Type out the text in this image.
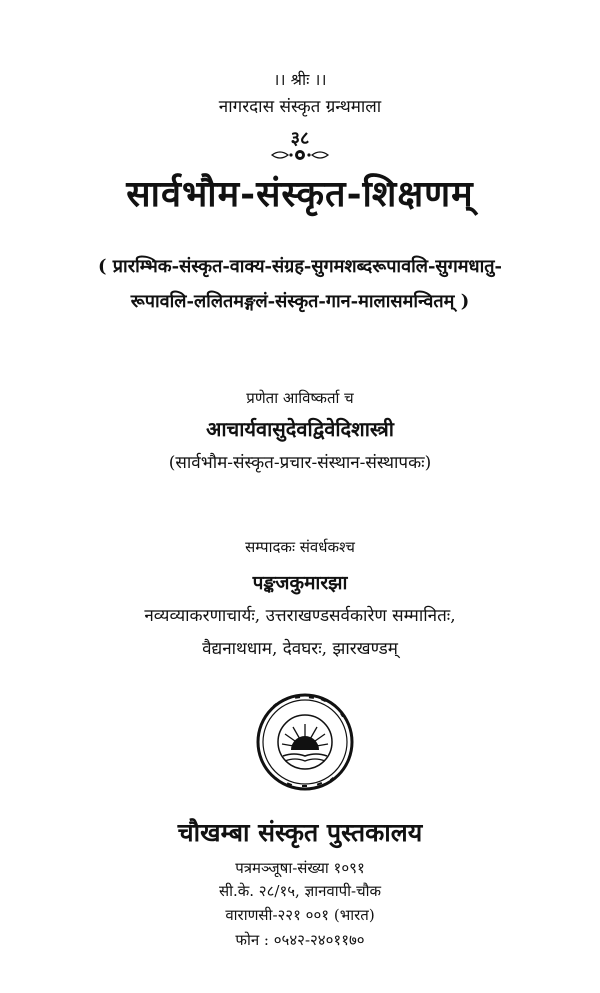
।। श्रीः ।।
नागरदास संस्कृत ग्रन्थमाला
३८
सार्वभौम-संस्कृत-शिक्षणम्
( प्रारम्भिक-संस्कृत-वाक्य-संग्रह-सुगमशब्दरूपावलि-सुगमधातु-
रूपावलि-ललितमङ्गलं-संस्कृत-गान-मालासमन्वितम् )
प्रणेता आविष्कर्ता च
आचार्यवासुदेवद्विवेदिशास्त्री
(सार्वभौम-संस्कृत-प्रचार-संस्थान-संस्थापकः)
सम्पादकः संवर्धकश्च
पङ्कजकुमारझा
नव्यव्याकरणाचार्यः, उत्तराखण्डसर्वकारेण सम्मानितः,
वैद्यनाथधाम, देवघरः, झारखण्डम्
चौखम्बा संस्कृत पुस्तकालय
पत्रमञ्जूषा-संख्या १०९१
सी.के. २८/१५, ज्ञानवापी-चौक
वाराणसी-२२१ ००१ (भारत)
फोन : ०५४२-२४०११७०
